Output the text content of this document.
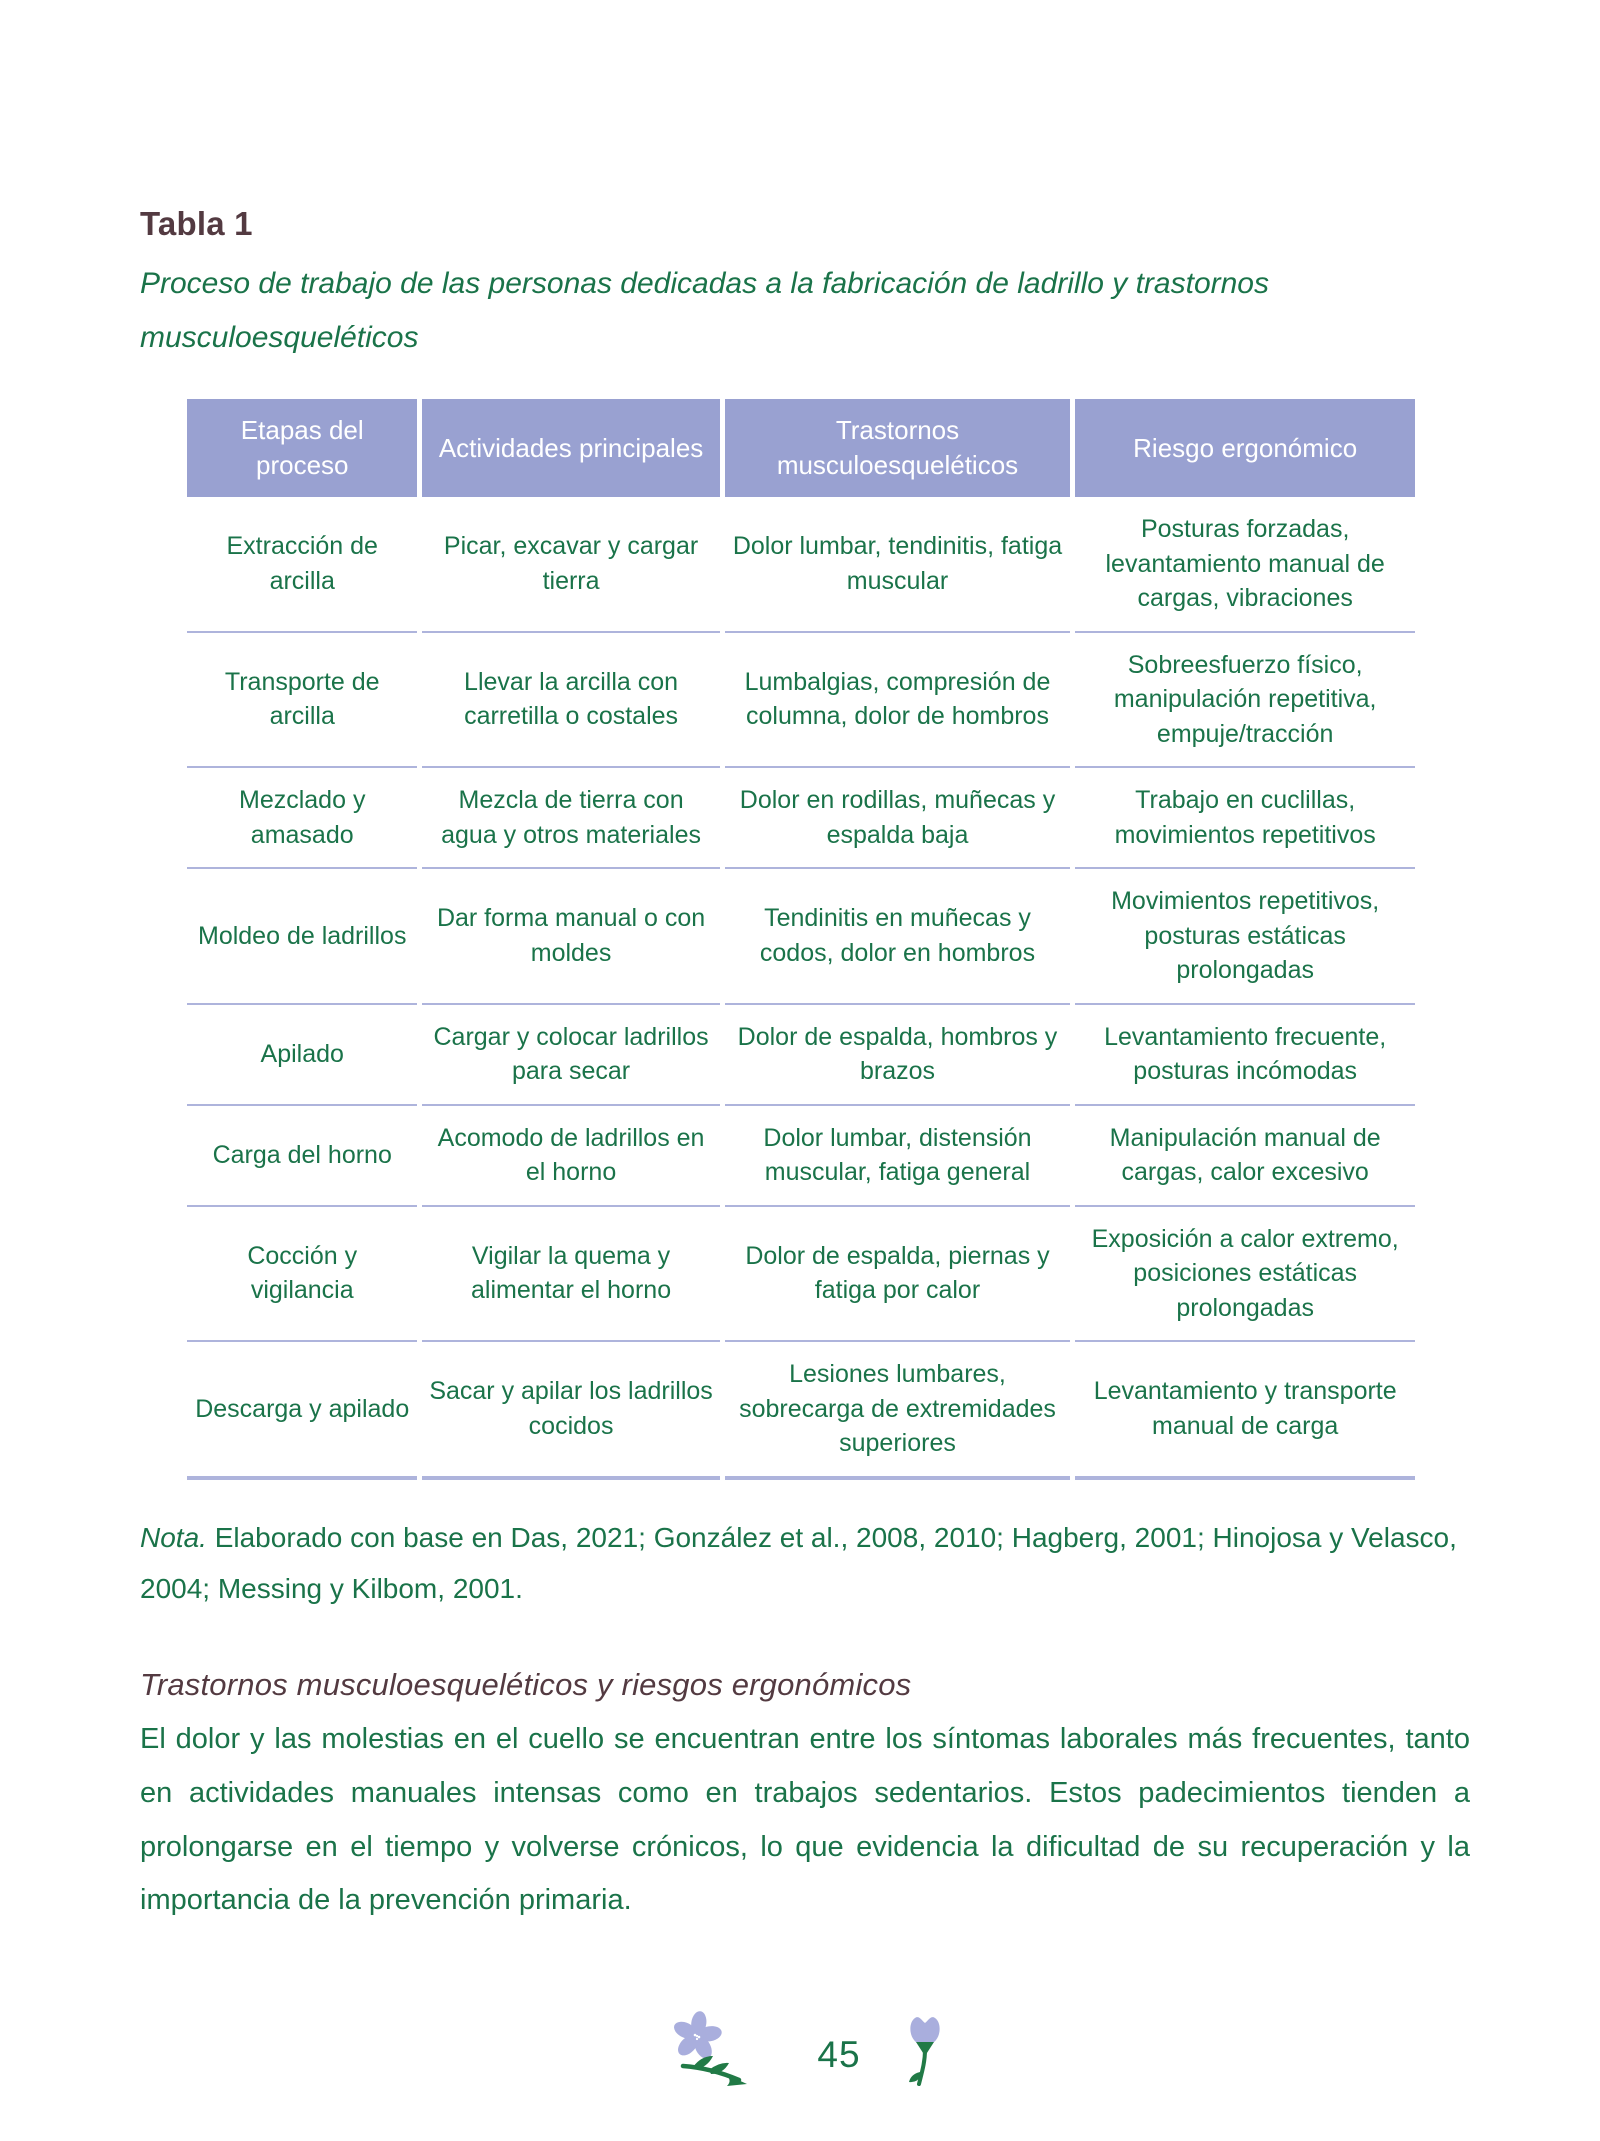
Tabla 1
Proceso de trabajo de las personas dedicadas a la fabricación de ladrillo y trastornos musculoesqueléticos
Etapas del proceso	Actividades principales	Trastornos musculoesqueléticos	Riesgo ergonómico
Extracción de arcilla	Picar, excavar y cargar tierra	Dolor lumbar, tendinitis, fatiga muscular	Posturas forzadas, levantamiento manual de cargas, vibraciones
Transporte de arcilla	Llevar la arcilla con carretilla o costales	Lumbalgias, compresión de columna, dolor de hombros	Sobreesfuerzo físico, manipulación repetitiva, empuje/tracción
Mezclado y amasado	Mezcla de tierra con agua y otros materiales	Dolor en rodillas, muñecas y espalda baja	Trabajo en cuclillas, movimientos repetitivos
Moldeo de ladrillos	Dar forma manual o con moldes	Tendinitis en muñecas y codos, dolor en hombros	Movimientos repetitivos, posturas estáticas prolongadas
Apilado	Cargar y colocar ladrillos para secar	Dolor de espalda, hombros y brazos	Levantamiento frecuente, posturas incómodas
Carga del horno	Acomodo de ladrillos en el horno	Dolor lumbar, distensión muscular, fatiga general	Manipulación manual de cargas, calor excesivo
Cocción y vigilancia	Vigilar la quema y alimentar el horno	Dolor de espalda, piernas y fatiga por calor	Exposición a calor extremo, posiciones estáticas prolongadas
Descarga y apilado	Sacar y apilar los ladrillos cocidos	Lesiones lumbares, sobrecarga de extremidades superiores	Levantamiento y transporte manual de carga

Nota. Elaborado con base en Das, 2021; González et al., 2008, 2010; Hagberg, 2001; Hinojosa y Velasco, 2004; Messing y Kilbom, 2001.

Trastornos musculoesqueléticos y riesgos ergonómicos

El dolor y las molestias en el cuello se encuentran entre los síntomas laborales más frecuentes, tanto en actividades manuales intensas como en trabajos sedentarios. Estos padecimientos tienden a prolongarse en el tiempo y volverse crónicos, lo que evidencia la dificultad de su recuperación y la importancia de la prevención primaria.

45
